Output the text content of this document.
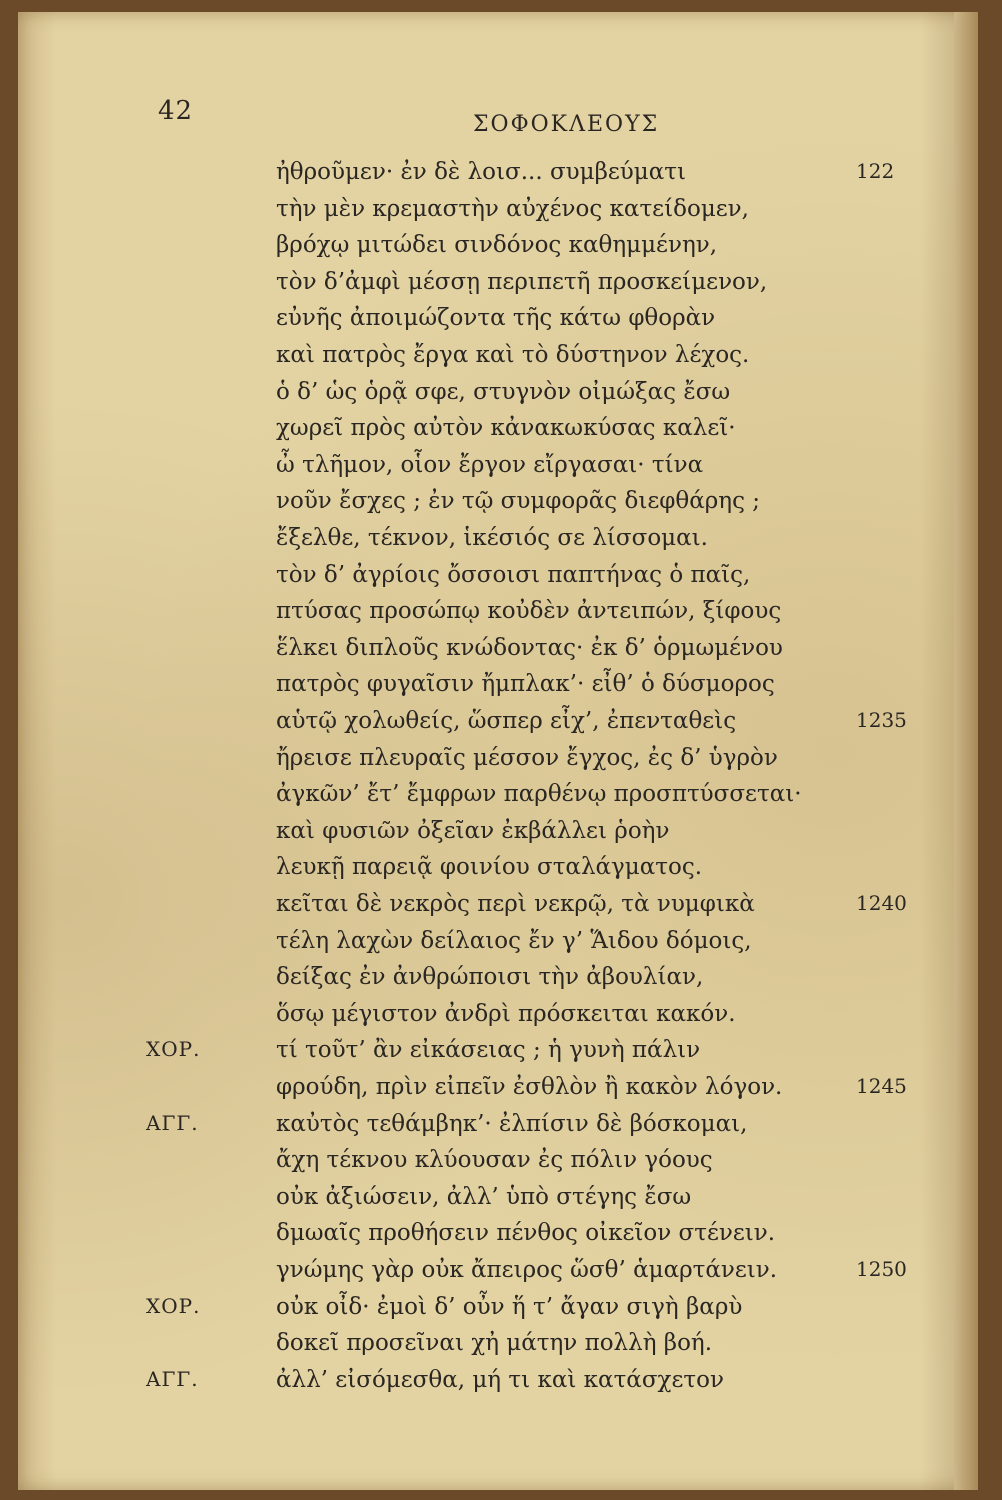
42	ΣΟΦΟΚΛΕΟΥΣ
ἠθροῦμεν· ἐν δὲ λοισ... συμβεύματι	122
τὴν μὲν κρεμαστὴν αὐχένος κατείδομεν,
βρόχῳ μιτώδει σινδόνος καθημμένην,
τὸν δ’ἀμφὶ μέσσῃ περιπετῆ προσκείμενον,
εὐνῆς ἀποιμώζοντα τῆς κάτω φθορὰν
καὶ πατρὸς ἔργα καὶ τὸ δύστηνον λέχος.
ὁ δ’ ὡς ὁρᾷ σφε, στυγνὸν οἰμώξας ἔσω
χωρεῖ πρὸς αὐτὸν κἀνακωκύσας καλεῖ·
ὦ τλῆμον, οἷον ἔργον εἴργασαι· τίνα
νοῦν ἔσχες ; ἐν τῷ συμφορᾶς διεφθάρης ;
ἔξελθε, τέκνον, ἱκέσιός σε λίσσομαι.
τὸν δ’ ἀγρίοις ὄσσοισι παπτήνας ὁ παῖς,
πτύσας προσώπῳ κοὐδὲν ἀντειπών, ξίφους
ἕλκει διπλοῦς κνώδοντας· ἐκ δ’ ὁρμωμένου
πατρὸς φυγαῖσιν ἤμπλακ’· εἶθ’ ὁ δύσμορος
αὑτῷ χολωθείς, ὥσπερ εἶχ’, ἐπενταθεὶς	1235
ἤρεισε πλευραῖς μέσσον ἔγχος, ἐς δ’ ὑγρὸν
ἀγκῶν’ ἔτ’ ἔμφρων παρθένῳ προσπτύσσεται·
καὶ φυσιῶν ὀξεῖαν ἐκβάλλει ῥοὴν
λευκῇ παρειᾷ φοινίου σταλάγματος.
κεῖται δὲ νεκρὸς περὶ νεκρῷ, τὰ νυμφικὰ	1240
τέλη λαχὼν δείλαιος ἔν γ’ Ἅιδου δόμοις,
δείξας ἐν ἀνθρώποισι τὴν ἀβουλίαν,
ὅσῳ μέγιστον ἀνδρὶ πρόσκειται κακόν.
ΧΟΡ.	τί τοῦτ’ ἂν εἰκάσειας ; ἡ γυνὴ πάλιν
φρούδη, πρὶν εἰπεῖν ἐσθλὸν ἢ κακὸν λόγον.	1245
ΑΓΓ.	καὐτὸς τεθάμβηκ’· ἐλπίσιν δὲ βόσκομαι,
ἄχη τέκνου κλύουσαν ἐς πόλιν γόους
οὐκ ἀξιώσειν, ἀλλ’ ὑπὸ στέγης ἔσω
δμωαῖς προθήσειν πένθος οἰκεῖον στένειν.
γνώμης γὰρ οὐκ ἄπειρος ὥσθ’ ἁμαρτάνειν.	1250
ΧΟΡ.	οὐκ οἶδ· ἐμοὶ δ’ οὖν ἥ τ’ ἄγαν σιγὴ βαρὺ
δοκεῖ προσεῖναι χἠ μάτην πολλὴ βοή.
ΑΓΓ.	ἀλλ’ εἰσόμεσθα, μή τι καὶ κατάσχετον
